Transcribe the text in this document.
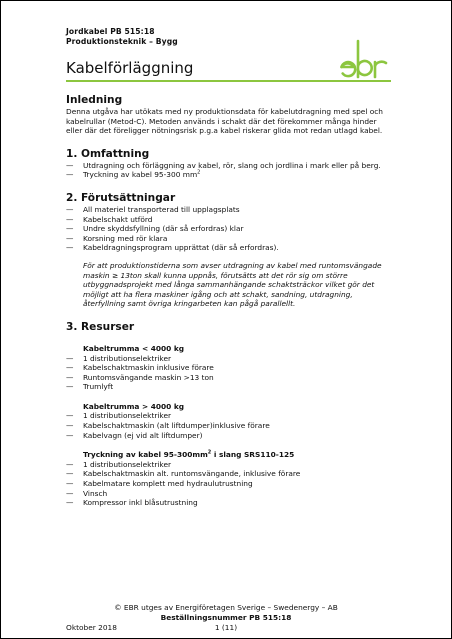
Jordkabel PB 515:18
Produktionsteknik – Bygg
Kabelförläggning
Inledning

Denna utgåva har utökats med ny produktionsdata för kabelutdragning med spel och kabelrullar (Metod-C). Metoden används i schakt där det förekommer många hinder eller där det föreligger nötningsrisk p.g.a kabel riskerar glida mot redan utlagd kabel.

1. Omfattning
— Utdragning och förläggning av kabel, rör, slang och jordlina i mark eller på berg.
— Tryckning av kabel 95-300 $mm^2$
2. Förutsättningar
— All materiel transporterad till upplagsplats
— Kabelschakt utförd
— Undre skyddsfyllning (där så erfordras) klar
— Korsning med rör klara
— Kabeldragningsprogram upprättat (där så erfordras).

För att produktionstiderna som avser utdragning av kabel med runtomsvängade maskin ≥ 13ton skall kunna uppnås, förutsätts att det rör sig om större utbyggnadsprojekt med långa sammanhängande schaktsträckor vilket gör det möjligt att ha flera maskiner igång och att schakt, sandning, utdragning, återfyllning samt övriga kringarbeten kan pågå parallellt.

3. Resurser
Kabeltrumma < 4000 kg
— 1 distributionselektriker
— Kabelschaktmaskin inklusive förare
— Runtomsvängande maskin >13 ton
— Trumlyft
Kabeltrumma > 4000 kg
— 1 distributionselektriker
— Kabelschaktmaskin (alt liftdumper)inklusive förare
— Kabelvagn (ej vid alt liftdumper)
Tryckning av kabel $95-300mm^2$ i slang SRS110-125
— 1 distributionselektriker
— Kabelschaktmaskin alt. runtomsvängande, inklusive förare
— Kabelmatare komplett med hydraulutrustning
— Vinsch
— Kompressor inkl blåsutrustning
© EBR utges av Energiföretagen Sverige – Swedenergy – AB
Beställningsnummer PB 515:18
Oktober 2018	1 (11)
